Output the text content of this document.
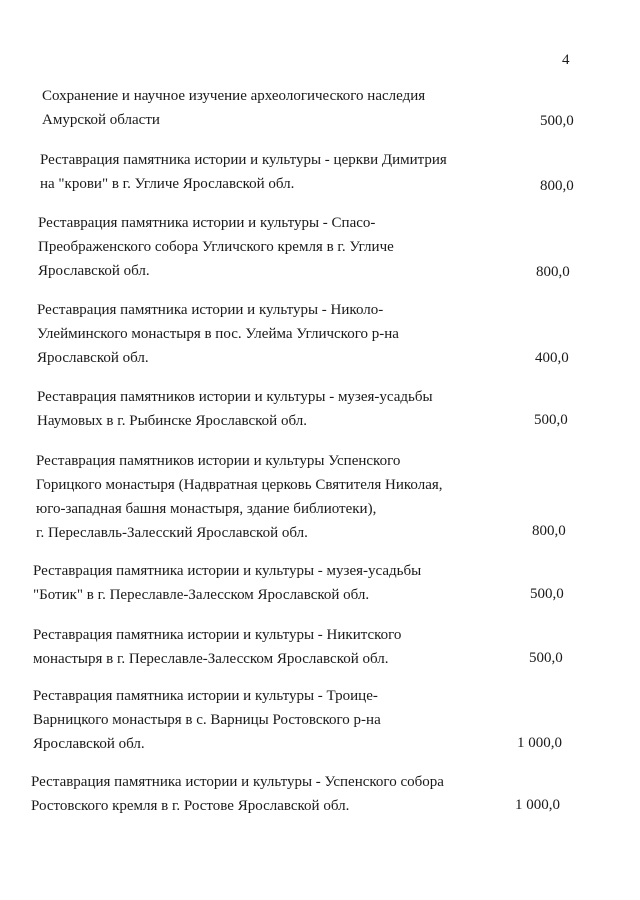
4
Сохранение и научное изучение археологического наследия
Амурской области	500,0
Реставрация памятника истории и культуры - церкви Димитрия
на "крови" в г. Угличе Ярославской обл.	800,0
Реставрация памятника истории и культуры - Спасо-
Преображенского собора Угличского кремля в г. Угличе
Ярославской обл.	800,0
Реставрация памятника истории и культуры - Николо-
Улейминского монастыря в пос. Улейма Угличского р-на
Ярославской обл.	400,0
Реставрация памятников истории и культуры - музея-усадьбы
Наумовых в г. Рыбинске Ярославской обл.	500,0
Реставрация памятников истории и культуры Успенского
Горицкого монастыря (Надвратная церковь Святителя Николая,
юго-западная башня монастыря, здание библиотеки),
г. Переславль-Залесский Ярославской обл.	800,0
Реставрация памятника истории и культуры - музея-усадьбы
"Ботик" в г. Переславле-Залесском Ярославской обл.	500,0
Реставрация памятника истории и культуры - Никитского
монастыря в г. Переславле-Залесском Ярославской обл.	500,0
Реставрация памятника истории и культуры - Троице-
Варницкого монастыря в с. Варницы Ростовского р-на
Ярославской обл.	1 000,0
Реставрация памятника истории и культуры - Успенского собора
Ростовского кремля в г. Ростове Ярославской обл.	1 000,0
